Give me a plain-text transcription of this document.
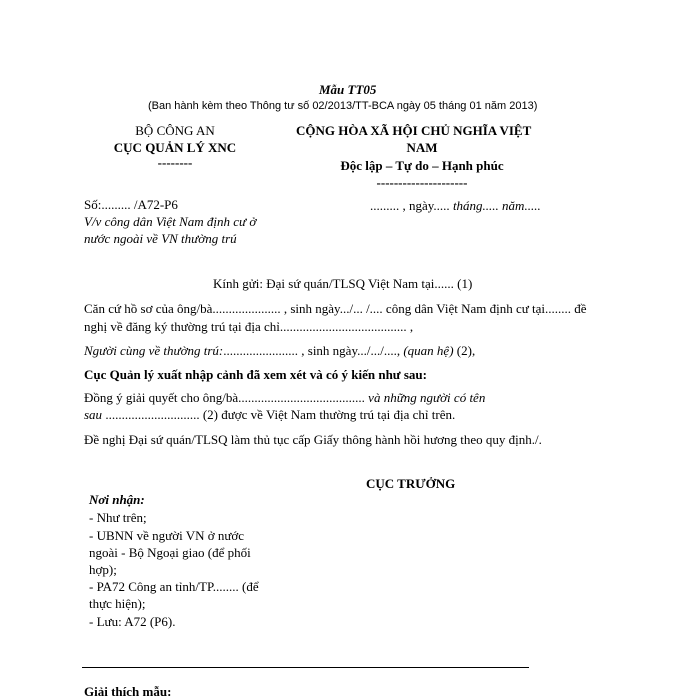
Mẫu TT05
(Ban hành kèm theo Thông tư số 02/2013/TT-BCA ngày 05 tháng 01 năm 2013)
BỘ CÔNG AN
CỤC QUẢN LÝ XNC
--------
CỘNG HÒA XÃ HỘI CHỦ NGHĨA VIỆT
NAM
Độc lập – Tự do – Hạnh phúc
---------------------
Số:......... /A72-P6
V/v công dân Việt Nam định cư ở
nước ngoài về VN thường trú
......... , ngày..... tháng..... năm.....
Kính gửi: Đại sứ quán/TLSQ Việt Nam tại...... (1)
Căn cứ hồ sơ của ông/bà..................... , sinh ngày.../... /.... công dân Việt Nam định cư tại........ đề
nghị về đăng ký thường trú tại địa chỉ....................................... ,
Người cùng về thường trú:....................... , sinh ngày.../.../...., (quan hệ) (2),
Cục Quản lý xuất nhập cảnh đã xem xét và có ý kiến như sau:
Đồng ý giải quyết cho ông/bà....................................... và những người có tên
sau ............................. (2) được về Việt Nam thường trú tại địa chỉ trên.
Đề nghị Đại sứ quán/TLSQ làm thủ tục cấp Giấy thông hành hồi hương theo quy định./.
CỤC TRƯỞNG
Nơi nhận:
- Như trên;
- UBNN về người VN ở nước
ngoài - Bộ Ngoại giao (để phối
hợp);
- PA72 Công an tỉnh/TP........ (để
thực hiện);
- Lưu: A72 (P6).
Giải thích mẫu:
